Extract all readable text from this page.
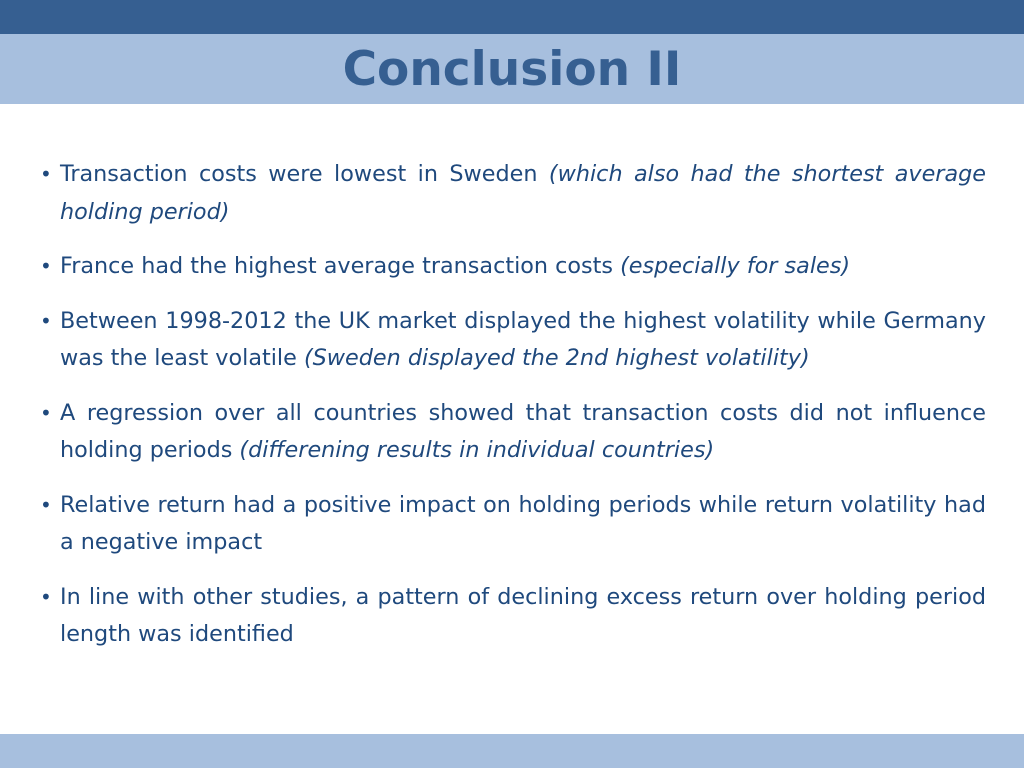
Conclusion II
• Transaction costs were lowest in Sweden (which also had the shortest average holding period)
• France had the highest average transaction costs (especially for sales)
• Between 1998-2012 the UK market displayed the highest volatility while Germany was the least volatile (Sweden displayed the 2nd highest volatility)
• A regression over all countries showed that transaction costs did not influence holding periods (differening results in individual countries)
• Relative return had a positive impact on holding periods while return volatility had a negative impact
• In line with other studies, a pattern of declining excess return over holding period length was identified
